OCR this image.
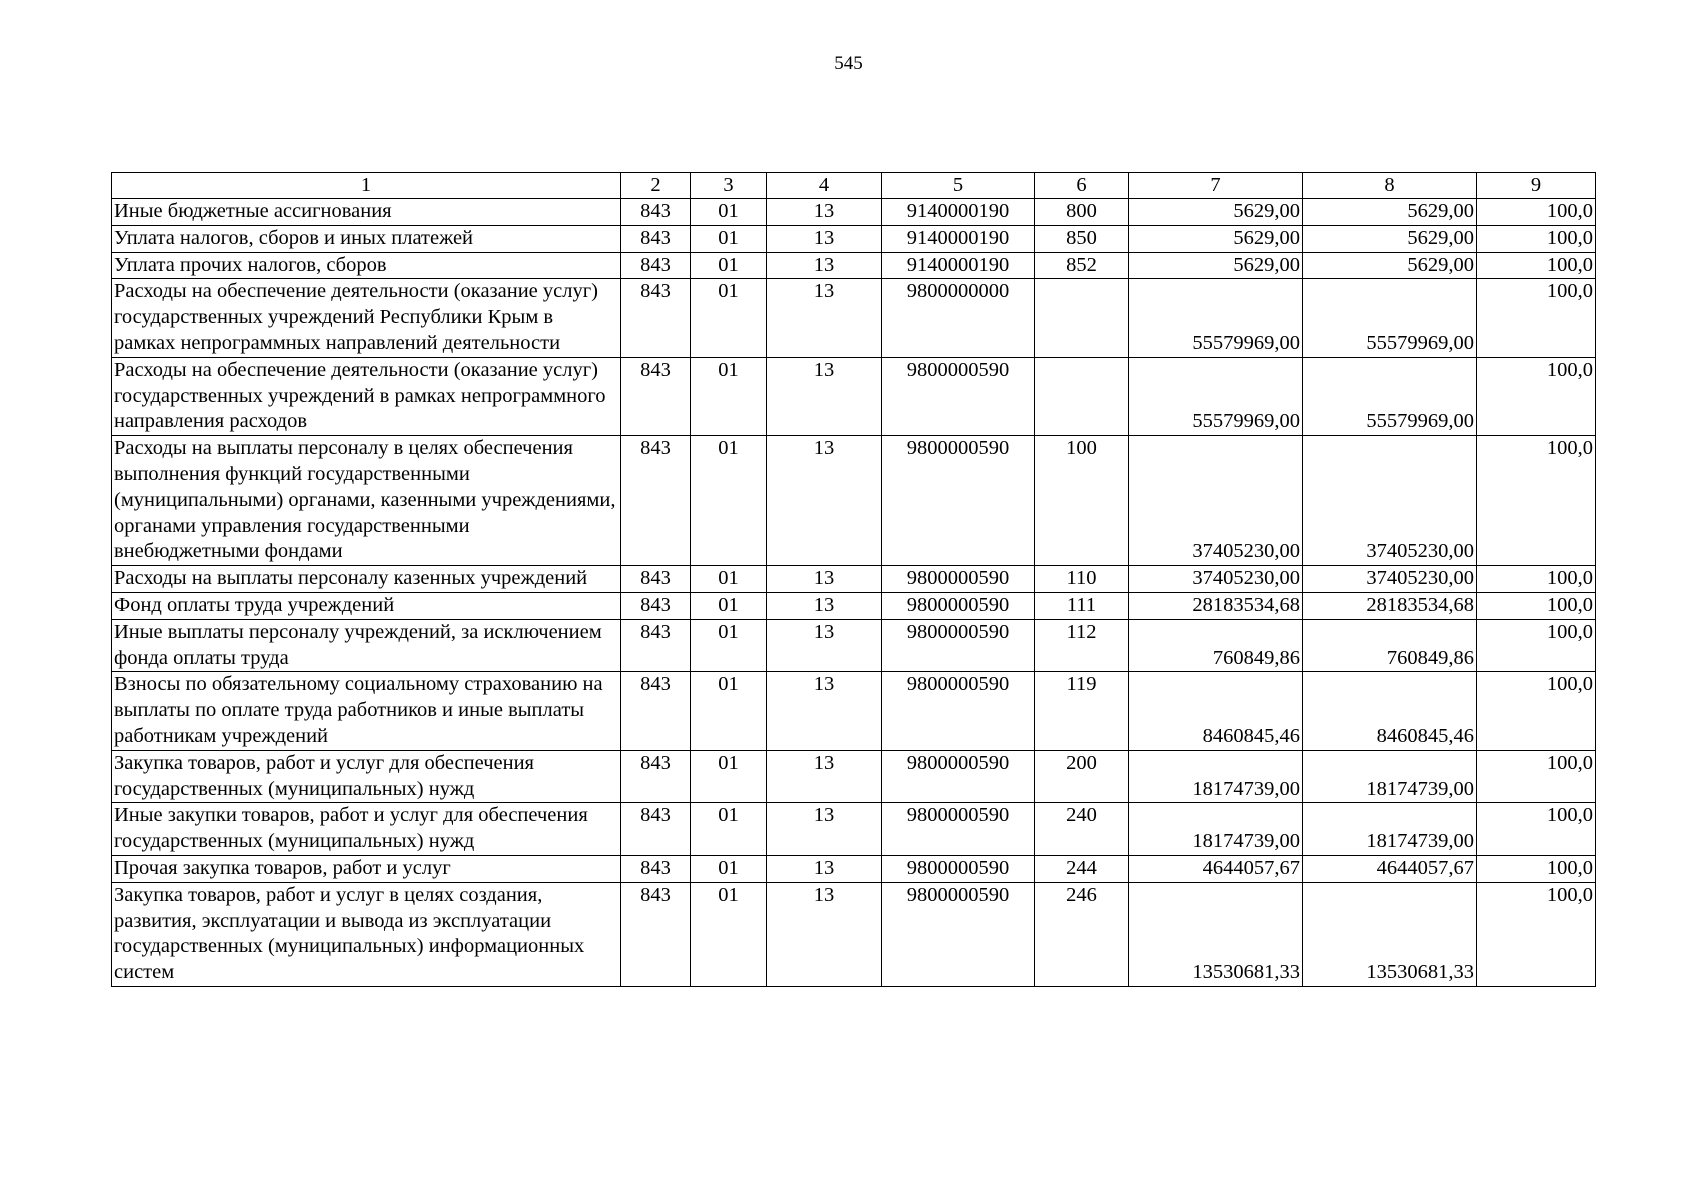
545
1	2	3	4	5	6	7	8	9
Иные бюджетные ассигнования	843	01	13	9140000190	800	5629,00	5629,00	100,0
Уплата налогов, сборов и иных платежей	843	01	13	9140000190	850	5629,00	5629,00	100,0
Уплата прочих налогов, сборов	843	01	13	9140000190	852	5629,00	5629,00	100,0
Расходы на обеспечение деятельности (оказание услуг) государственных учреждений Республики Крым в рамках непрограммных направлений деятельности	843	01	13	9800000000		55579969,00	55579969,00	100,0
Расходы на обеспечение деятельности (оказание услуг) государственных учреждений в рамках непрограммного направления расходов	843	01	13	9800000590		55579969,00	55579969,00	100,0
Расходы на выплаты персоналу в целях обеспечения выполнения функций государственными (муниципальными) органами, казенными учреждениями, органами управления государственными внебюджетными фондами	843	01	13	9800000590	100	37405230,00	37405230,00	100,0
Расходы на выплаты персоналу казенных учреждений	843	01	13	9800000590	110	37405230,00	37405230,00	100,0
Фонд оплаты труда учреждений	843	01	13	9800000590	111	28183534,68	28183534,68	100,0
Иные выплаты персоналу учреждений, за исключением фонда оплаты труда	843	01	13	9800000590	112	760849,86	760849,86	100,0
Взносы по обязательному социальному страхованию на выплаты по оплате труда работников и иные выплаты работникам учреждений	843	01	13	9800000590	119	8460845,46	8460845,46	100,0
Закупка товаров, работ и услуг для обеспечения государственных (муниципальных) нужд	843	01	13	9800000590	200	18174739,00	18174739,00	100,0
Иные закупки товаров, работ и услуг для обеспечения государственных (муниципальных) нужд	843	01	13	9800000590	240	18174739,00	18174739,00	100,0
Прочая закупка товаров, работ и услуг	843	01	13	9800000590	244	4644057,67	4644057,67	100,0
Закупка товаров, работ и услуг в целях создания, развития, эксплуатации и вывода из эксплуатации государственных (муниципальных) информационных систем	843	01	13	9800000590	246	13530681,33	13530681,33	100,0
